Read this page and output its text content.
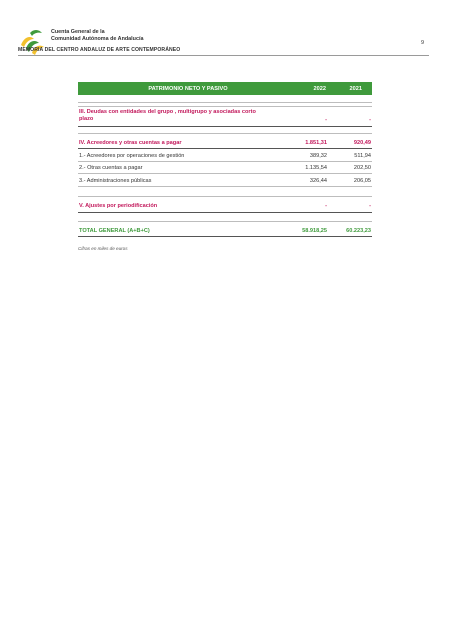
Cuenta General de la
Comunidad Autónoma de Andalucía
MEMORIA DEL CENTRO ANDALUZ DE ARTE CONTEMPORÁNEO
9
PATRIMONIO NETO Y PASIVO	2022	2021
III. Deudas con entidades del grupo , multigrupo y asociadas corto
plazo	-	-
IV. Acreedores y otras cuentas a pagar	1.851,31	920,49
1.- Acreedores por operaciones de gestión	389,32	511,94
2.- Otras cuentas a pagar	1.135,54	202,50
3.- Administraciones públicas	326,44	206,05
V. Ajustes por periodificación	-	-
TOTAL GENERAL (A+B+C)	58.918,25	60.223,23
Cifras en miles de euros
